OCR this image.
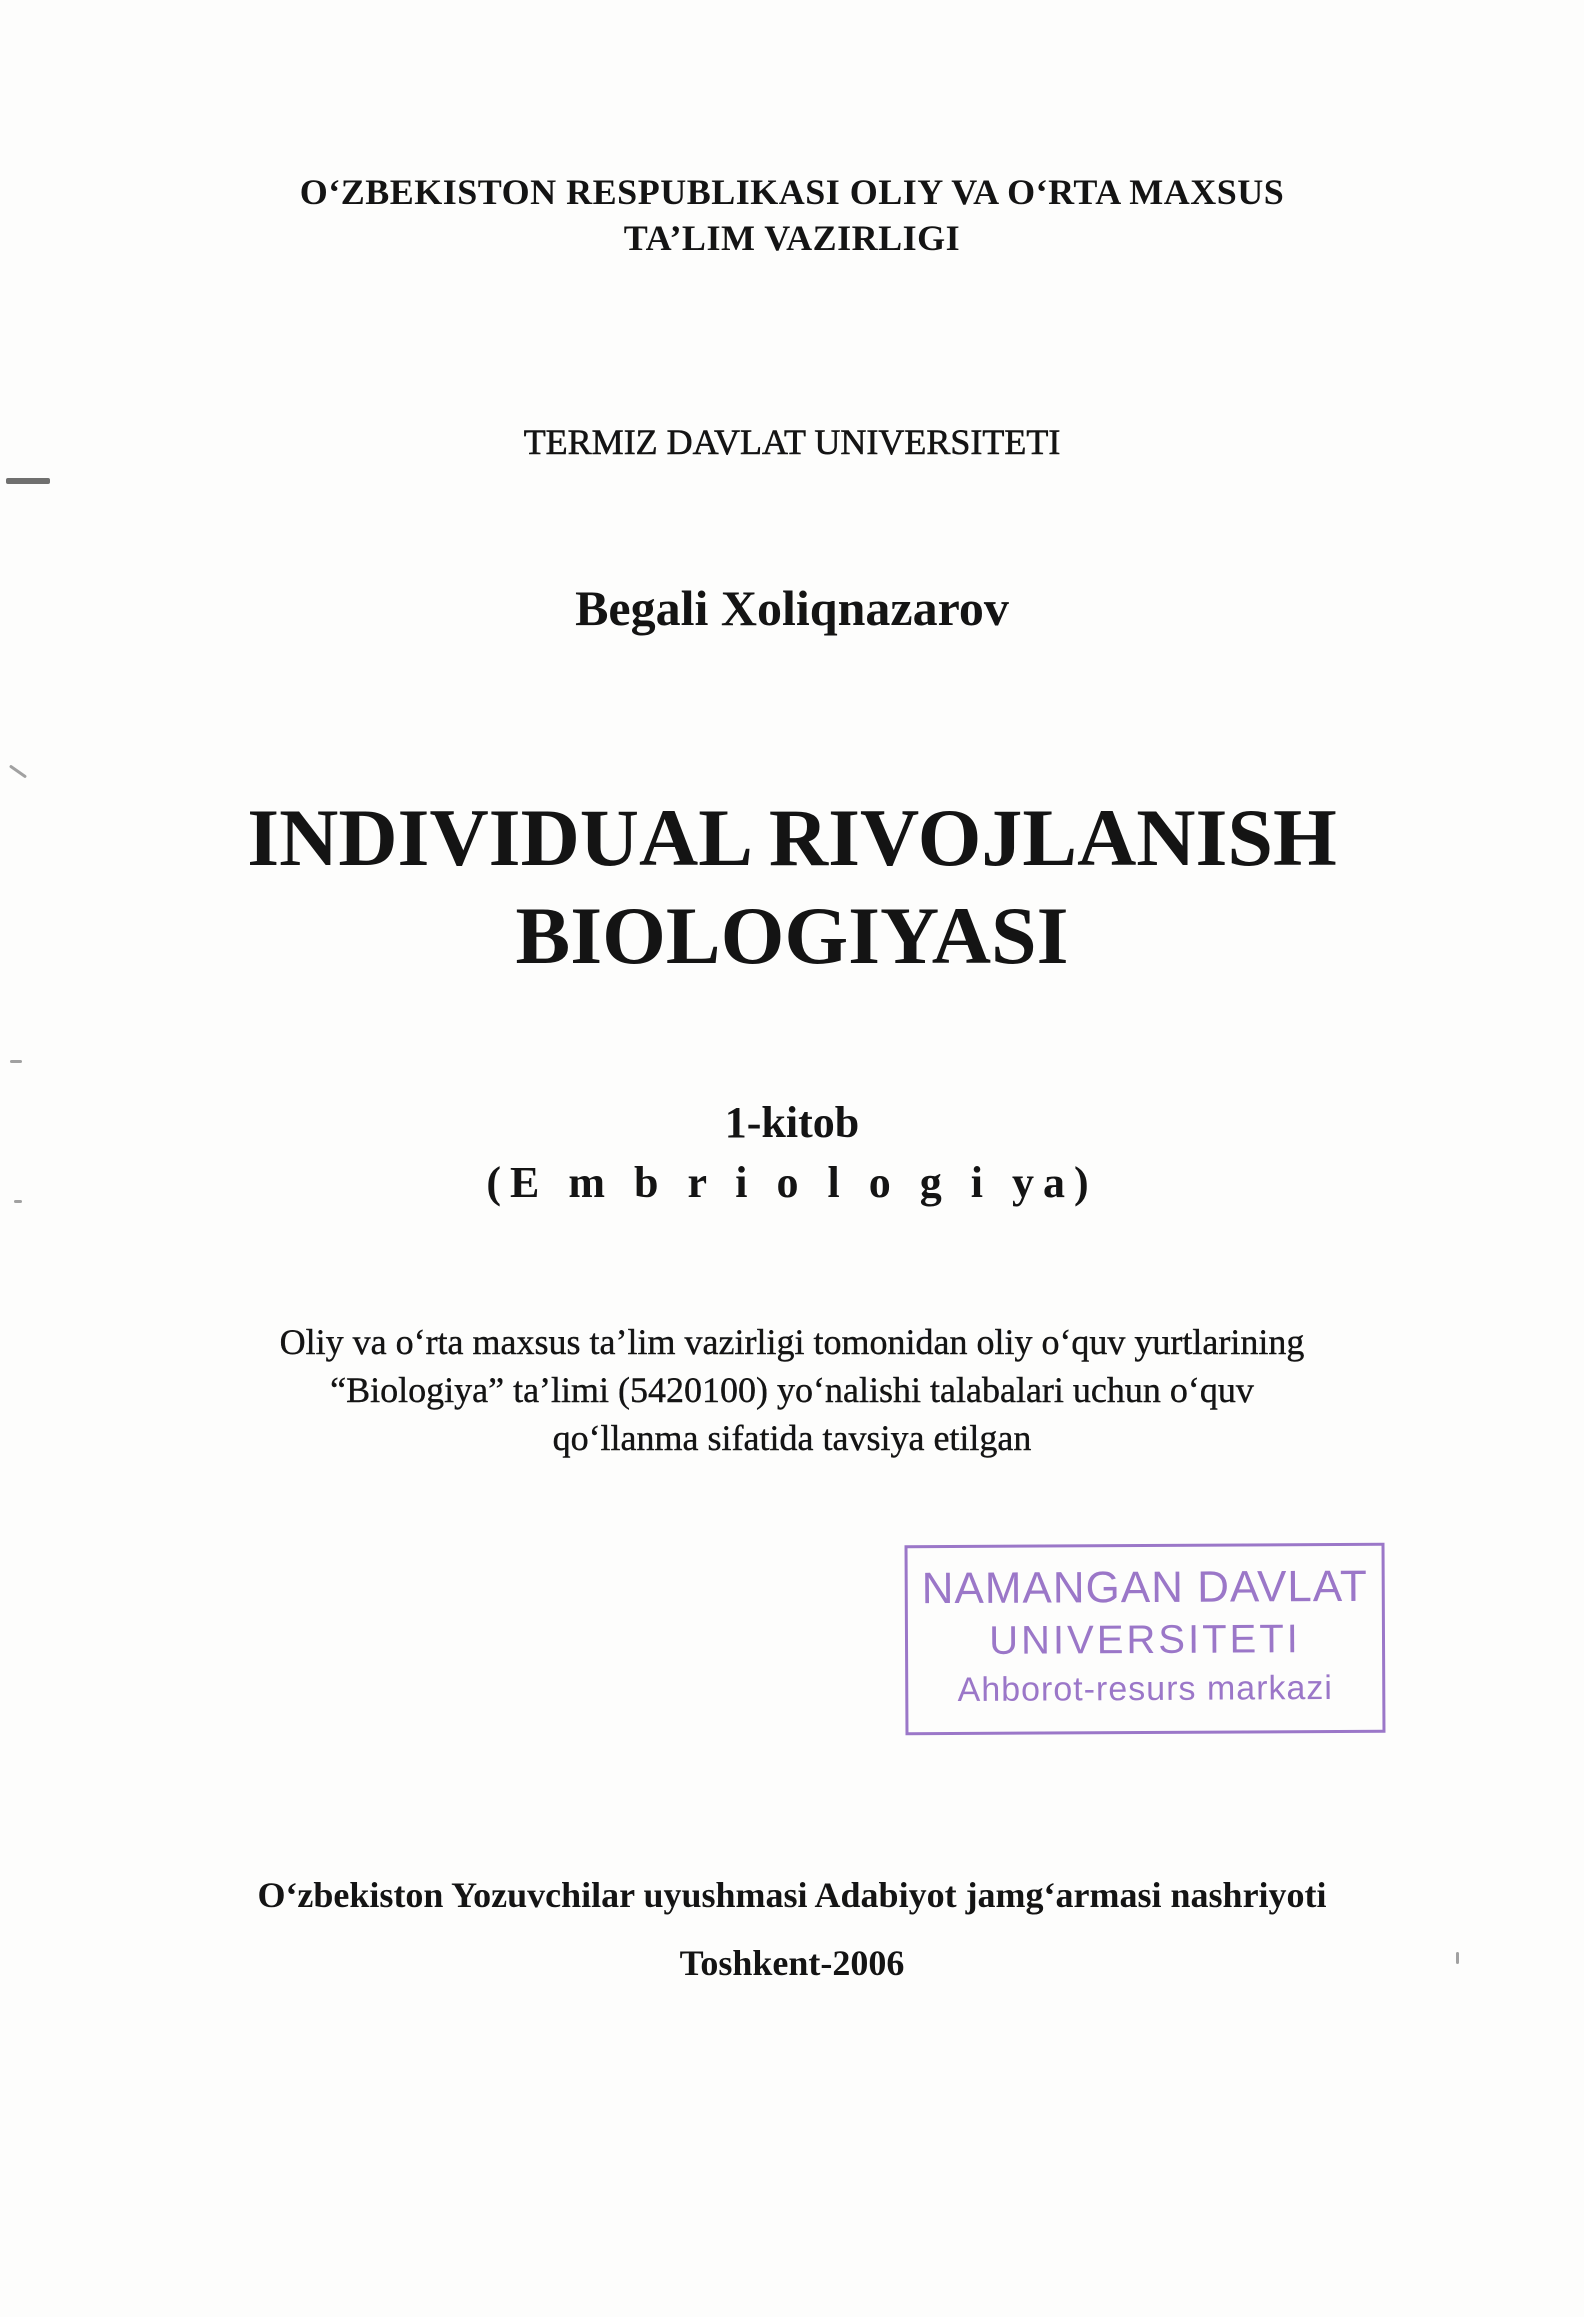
O‘ZBEKISTON RESPUBLIKASI OLIY VA O‘RTA MAXSUS
TA’LIM VAZIRLIGI
TERMIZ DAVLAT UNIVERSITETI
Begali Xoliqnazarov
INDIVIDUAL RIVOJLANISH
BIOLOGIYASI
1-kitob
(E m b r i o l o g i ya)
Oliy va o‘rta maxsus ta’lim vazirligi tomonidan oliy o‘quv yurtlarining
“Biologiya” ta’limi (5420100) yo‘nalishi talabalari uchun o‘quv
qo‘llanma sifatida tavsiya etilgan
NAMANGAN DAVLAT
UNIVERSITETI
Ahborot-resurs markazi
O‘zbekiston Yozuvchilar uyushmasi Adabiyot jamg‘armasi nashriyoti
Toshkent-2006
